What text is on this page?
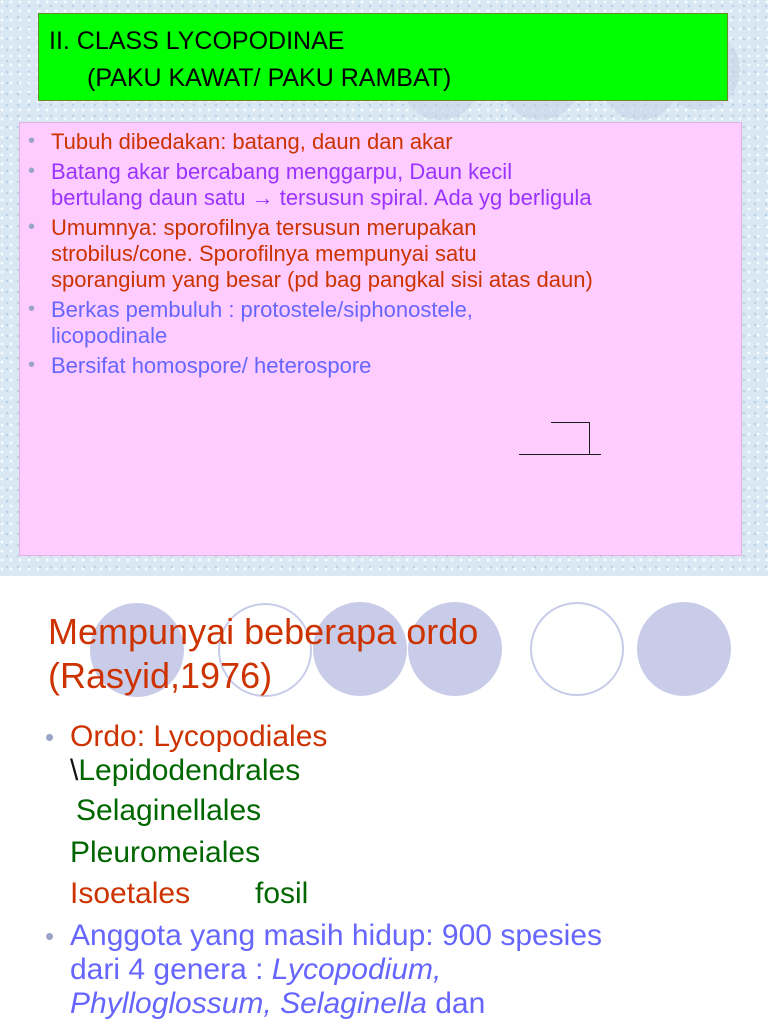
II. CLASS LYCOPODINAE
(PAKU KAWAT/ PAKU RAMBAT)
• Tubuh dibedakan: batang, daun dan akar
• Batang akar bercabang menggarpu, Daun kecil
bertulang daun satu → tersusun spiral. Ada yg berligula
• Umumnya: sporofilnya tersusun merupakan
strobilus/cone. Sporofilnya mempunyai satu
sporangium yang besar (pd bag pangkal sisi atas daun)
• Berkas pembuluh : protostele/siphonostele,
licopodinale
• Bersifat homospore/ heterospore
Mempunyai beberapa ordo
(Rasyid,1976)
• Ordo: Lycopodiales
\Lepidodendrales
Selaginellales
Pleuromeiales
Isoetales fosil
• Anggota yang masih hidup: 900 spesies
dari 4 genera : Lycopodium,
Phylloglossum, Selaginella dan
